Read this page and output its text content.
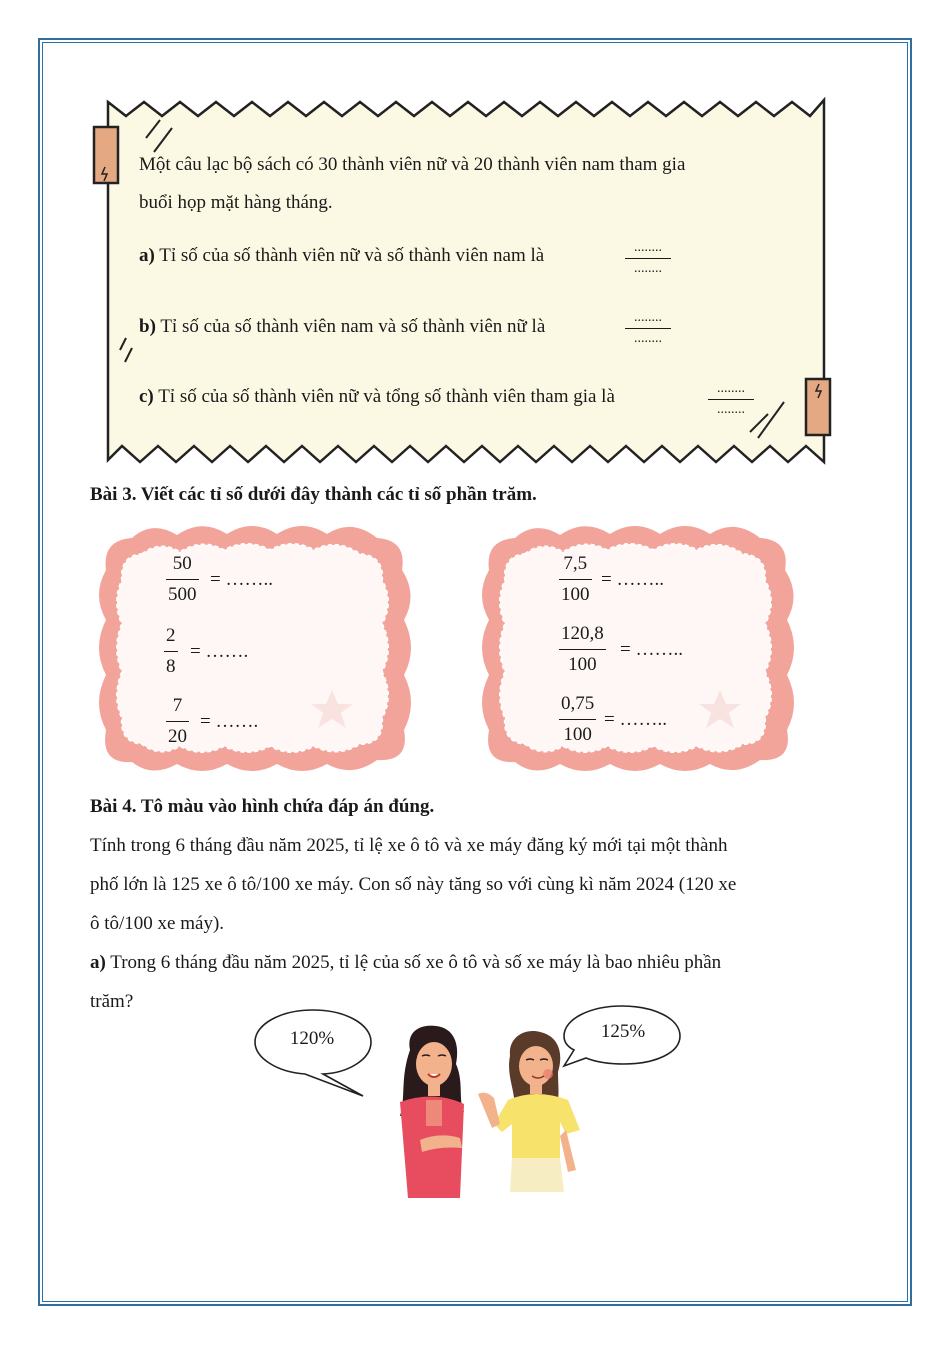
Một câu lạc bộ sách có 30 thành viên nữ và 20 thành viên nam tham gia
buổi họp mặt hàng tháng.
a) Tỉ số của số thành viên nữ và số thành viên nam là	........
........
b) Tỉ số của số thành viên nam và số thành viên nữ là	........
........
c) Tỉ số của số thành viên nữ và tổng số thành viên tham gia là	........
........
Bài 3. Viết các tỉ số dưới đây thành các tỉ số phần trăm.
50
500
= ……..
2
8
= …….
7
20
= …….
7,5
100
= ……..
120,8
100
= ……..
0,75
100
= ……..
Bài 4. Tô màu vào hình chứa đáp án đúng.
Tính trong 6 tháng đầu năm 2025, tỉ lệ xe ô tô và xe máy đăng ký mới tại một thành
phố lớn là 125 xe ô tô/100 xe máy. Con số này tăng so với cùng kì năm 2024 (120 xe
ô tô/100 xe máy).
a) Trong 6 tháng đầu năm 2025, tỉ lệ của số xe ô tô và số xe máy là bao nhiêu phần
trăm?
120%	125%
